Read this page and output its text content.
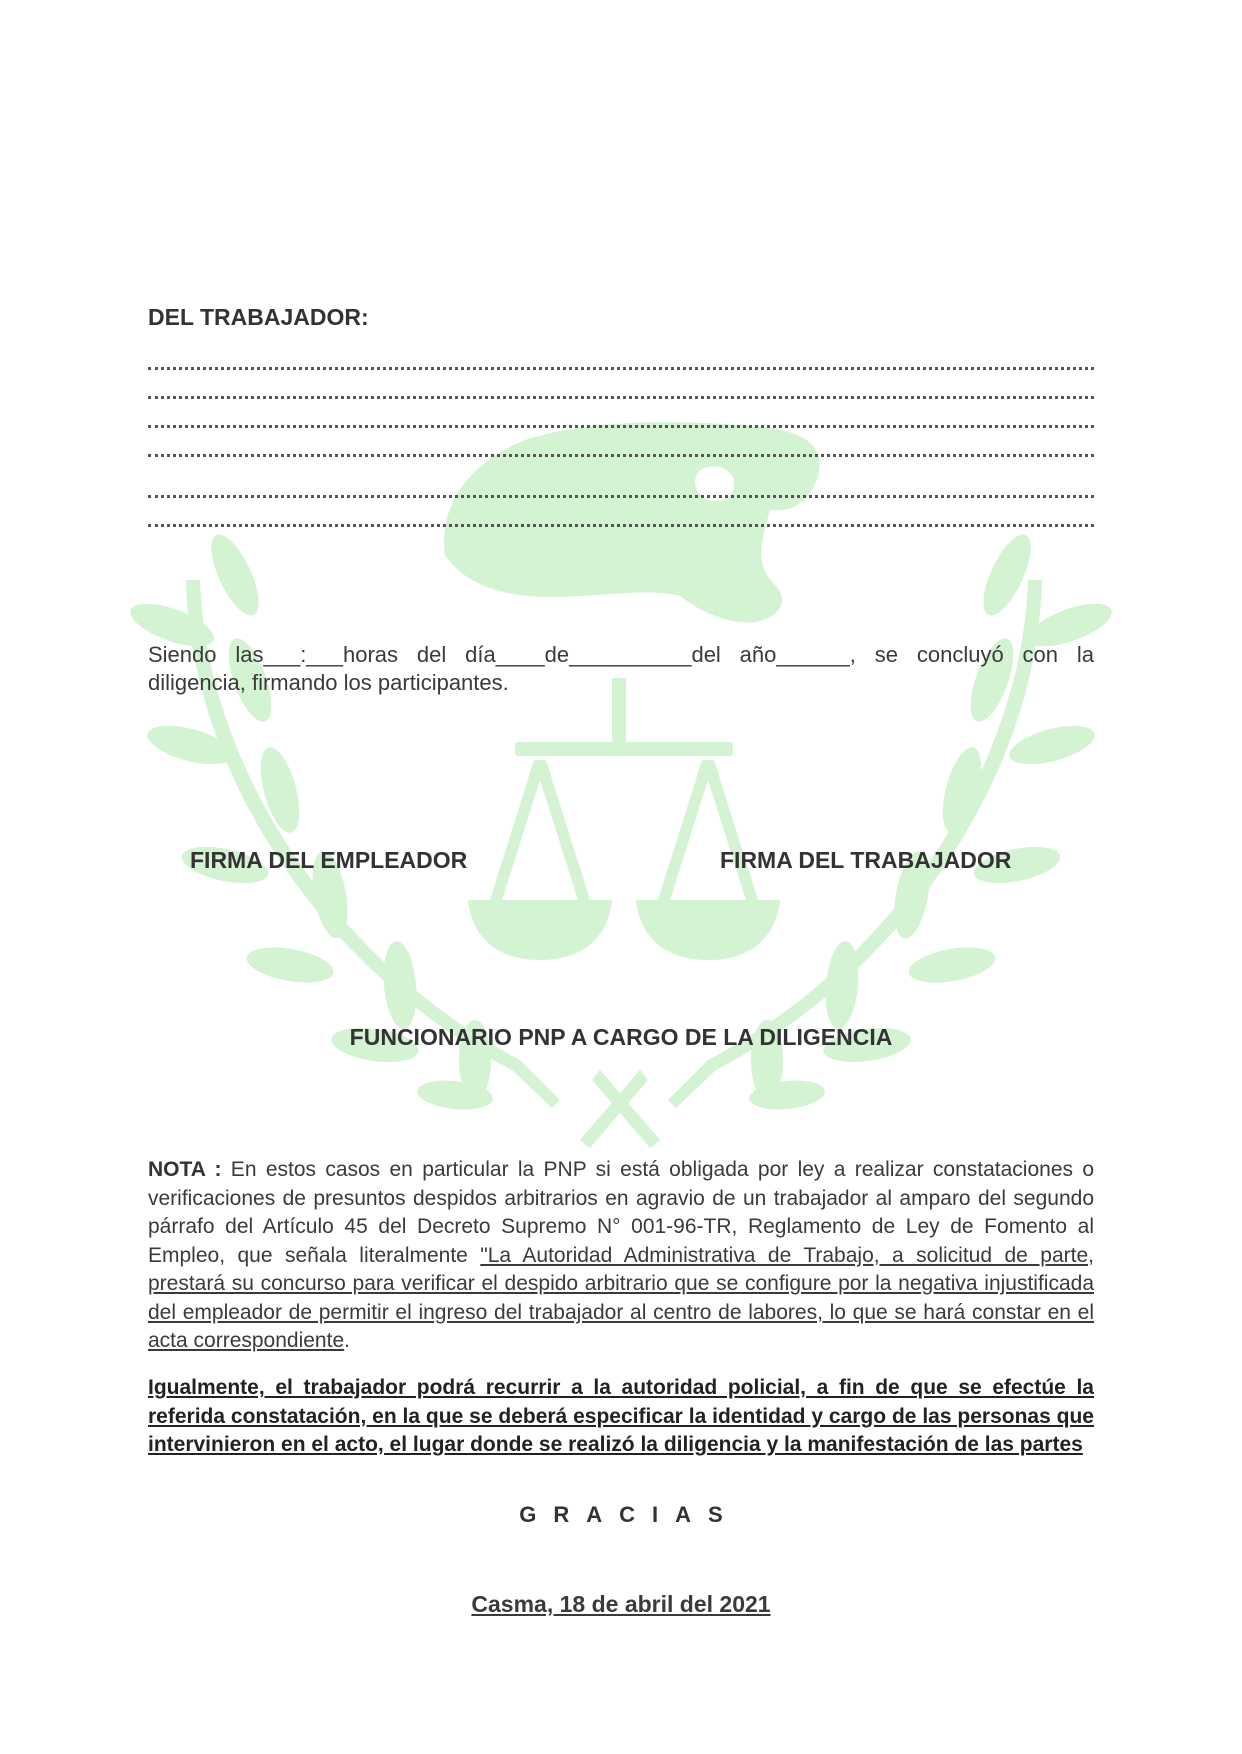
DEL TRABAJADOR:
Siendo las___:___horas del día____de__________del año______, se concluyó con la diligencia, firmando los participantes.
FIRMA DEL EMPLEADOR	FIRMA DEL TRABAJADOR
FUNCIONARIO PNP A CARGO DE LA DILIGENCIA
NOTA : En estos casos en particular la PNP si está obligada por ley a realizar constataciones o verificaciones de presuntos despidos arbitrarios en agravio de un trabajador al amparo del segundo párrafo del Artículo 45 del Decreto Supremo N° 001-96-TR, Reglamento de Ley de Fomento al Empleo, que señala literalmente "La Autoridad Administrativa de Trabajo, a solicitud de parte, prestará su concurso para verificar el despido arbitrario que se configure por la negativa injustificada del empleador de permitir el ingreso del trabajador al centro de labores, lo que se hará constar en el acta correspondiente.
Igualmente, el trabajador podrá recurrir a la autoridad policial, a fin de que se efectúe la referida constatación, en la que se deberá especificar la identidad y cargo de las personas que intervinieron en el acto, el lugar donde se realizó la diligencia y la manifestación de las partes
GRACIAS
Casma, 18 de abril del 2021
